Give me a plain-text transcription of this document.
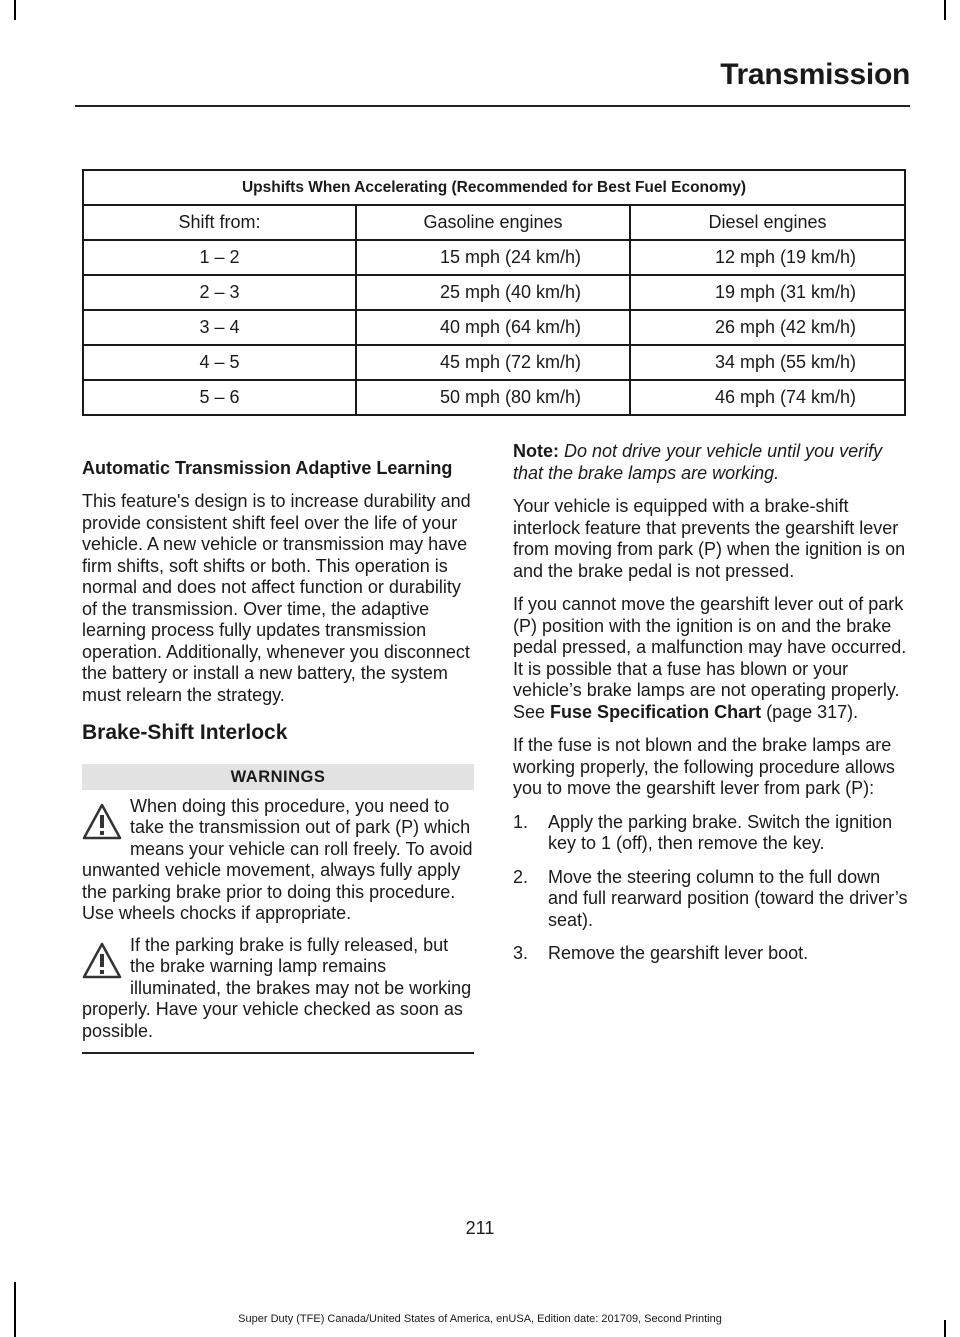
Transmission
Upshifts When Accelerating (Recommended for Best Fuel Economy)		
Shift from:	Gasoline engines	Diesel engines
1 – 2	15 mph (24 km/h)	12 mph (19 km/h)
2 – 3	25 mph (40 km/h)	19 mph (31 km/h)
3 – 4	40 mph (64 km/h)	26 mph (42 km/h)
4 – 5	45 mph (72 km/h)	34 mph (55 km/h)
5 – 6	50 mph (80 km/h)	46 mph (74 km/h)
Automatic Transmission Adaptive Learning

This feature's design is to increase durability and provide consistent shift feel over the life of your vehicle. A new vehicle or transmission may have firm shifts, soft shifts or both. This operation is normal and does not affect function or durability of the transmission. Over time, the adaptive learning process fully updates transmission operation. Additionally, whenever you disconnect the battery or install a new battery, the system must relearn the strategy.

Brake-Shift Interlock
WARNINGS
When doing this procedure, you need to take the transmission out of park (P) which means your vehicle can roll freely. To avoid unwanted vehicle movement, always fully apply the parking brake prior to doing this procedure. Use wheels chocks if appropriate.
If the parking brake is fully released, but the brake warning lamp remains illuminated, the brakes may not be working properly. Have your vehicle checked as soon as possible.

Note: Do not drive your vehicle until you verify that the brake lamps are working.

Your vehicle is equipped with a brake-shift interlock feature that prevents the gearshift lever from moving from park (P) when the ignition is on and the brake pedal is not pressed.

If you cannot move the gearshift lever out of park (P) position with the ignition is on and the brake pedal pressed, a malfunction may have occurred. It is possible that a fuse has blown or your vehicle’s brake lamps are not operating properly. See Fuse Specification Chart (page 317).

If the fuse is not blown and the brake lamps are working properly, the following procedure allows you to move the gearshift lever from park (P):

1. Apply the parking brake. Switch the ignition key to 1 (off), then remove the key.
2. Move the steering column to the full down and full rearward position (toward the driver’s seat).
3. Remove the gearshift lever boot.
211
Super Duty (TFE) Canada/United States of America, enUSA, Edition date: 201709, Second Printing
